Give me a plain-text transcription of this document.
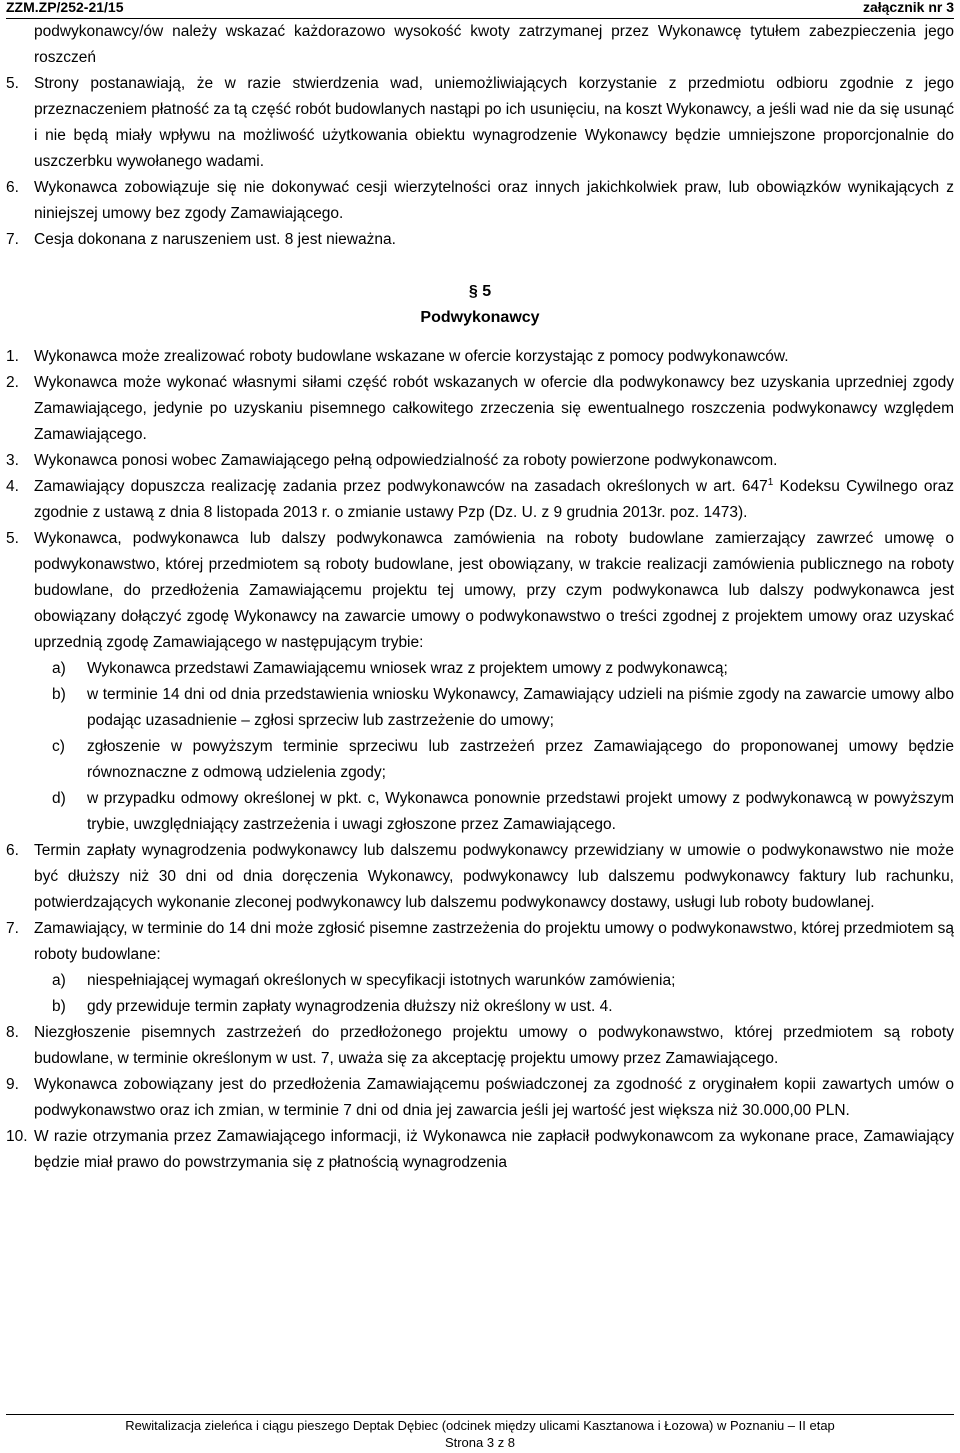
ZZM.ZP/252-21/15	załącznik nr 3
podwykonawcy/ów należy wskazać każdorazowo wysokość kwoty zatrzymanej przez Wykonawcę tytułem zabezpieczenia jego roszczeń
5. Strony postanawiają, że w razie stwierdzenia wad, uniemożliwiających korzystanie z przedmiotu odbioru zgodnie z jego przeznaczeniem płatność za tą część robót budowlanych nastąpi po ich usunięciu, na koszt Wykonawcy, a jeśli wad nie da się usunąć i nie będą miały wpływu na możliwość użytkowania obiektu wynagrodzenie Wykonawcy będzie umniejszone proporcjonalnie do uszczerbku wywołanego wadami.
6. Wykonawca zobowiązuje się nie dokonywać cesji wierzytelności oraz innych jakichkolwiek praw, lub obowiązków wynikających z niniejszej umowy bez zgody Zamawiającego.
7. Cesja dokonana z naruszeniem ust. 8 jest nieważna.
§ 5
Podwykonawcy
1. Wykonawca może zrealizować roboty budowlane wskazane w ofercie korzystając z pomocy podwykonawców.
2. Wykonawca może wykonać własnymi siłami część robót wskazanych w ofercie dla podwykonawcy bez uzyskania uprzedniej zgody Zamawiającego, jedynie po uzyskaniu pisemnego całkowitego zrzeczenia się ewentualnego roszczenia podwykonawcy względem Zamawiającego.
3. Wykonawca ponosi wobec Zamawiającego pełną odpowiedzialność za roboty powierzone podwykonawcom.
4. Zamawiający dopuszcza realizację zadania przez podwykonawców na zasadach określonych w art. $647^1$ Kodeksu Cywilnego oraz zgodnie z ustawą z dnia 8 listopada 2013 r. o zmianie ustawy Pzp (Dz. U. z 9 grudnia 2013r. poz. 1473).
5. Wykonawca, podwykonawca lub dalszy podwykonawca zamówienia na roboty budowlane zamierzający zawrzeć umowę o podwykonawstwo, której przedmiotem są roboty budowlane, jest obowiązany, w trakcie realizacji zamówienia publicznego na roboty budowlane, do przedłożenia Zamawiającemu projektu tej umowy, przy czym podwykonawca lub dalszy podwykonawca jest obowiązany dołączyć zgodę Wykonawcy na zawarcie umowy o podwykonawstwo o treści zgodnej z projektem umowy oraz uzyskać uprzednią zgodę Zamawiającego w następującym trybie:
a) Wykonawca przedstawi Zamawiającemu wniosek wraz z projektem umowy z podwykonawcą;
b) w terminie 14 dni od dnia przedstawienia wniosku Wykonawcy, Zamawiający udzieli na piśmie zgody na zawarcie umowy albo podając uzasadnienie – zgłosi sprzeciw lub zastrzeżenie do umowy;
c) zgłoszenie w powyższym terminie sprzeciwu lub zastrzeżeń przez Zamawiającego do proponowanej umowy będzie równoznaczne z odmową udzielenia zgody;
d) w przypadku odmowy określonej w pkt. c, Wykonawca ponownie przedstawi projekt umowy z podwykonawcą w powyższym trybie, uwzględniający zastrzeżenia i uwagi zgłoszone przez Zamawiającego.
6. Termin zapłaty wynagrodzenia podwykonawcy lub dalszemu podwykonawcy przewidziany w umowie o podwykonawstwo nie może być dłuższy niż 30 dni od dnia doręczenia Wykonawcy, podwykonawcy lub dalszemu podwykonawcy faktury lub rachunku, potwierdzających wykonanie zleconej podwykonawcy lub dalszemu podwykonawcy dostawy, usługi lub roboty budowlanej.
7. Zamawiający, w terminie do 14 dni może zgłosić pisemne zastrzeżenia do projektu umowy o podwykonawstwo, której przedmiotem są roboty budowlane:
a) niespełniającej wymagań określonych w specyfikacji istotnych warunków zamówienia;
b) gdy przewiduje termin zapłaty wynagrodzenia dłuższy niż określony w ust. 4.
8. Niezgłoszenie pisemnych zastrzeżeń do przedłożonego projektu umowy o podwykonawstwo, której przedmiotem są roboty budowlane, w terminie określonym w ust. 7, uważa się za akceptację projektu umowy przez Zamawiającego.
9. Wykonawca zobowiązany jest do przedłożenia Zamawiającemu poświadczonej za zgodność z oryginałem kopii zawartych umów o podwykonawstwo oraz ich zmian, w terminie 7 dni od dnia jej zawarcia jeśli jej wartość jest większa niż 30.000,00 PLN.
10. W razie otrzymania przez Zamawiającego informacji, iż Wykonawca nie zapłacił podwykonawcom za wykonane prace, Zamawiający będzie miał prawo do powstrzymania się z płatnością wynagrodzenia
Rewitalizacja zieleńca i ciągu pieszego Deptak Dębiec (odcinek między ulicami Kasztanowa i Łozowa) w Poznaniu – II etap
Strona 3 z 8
